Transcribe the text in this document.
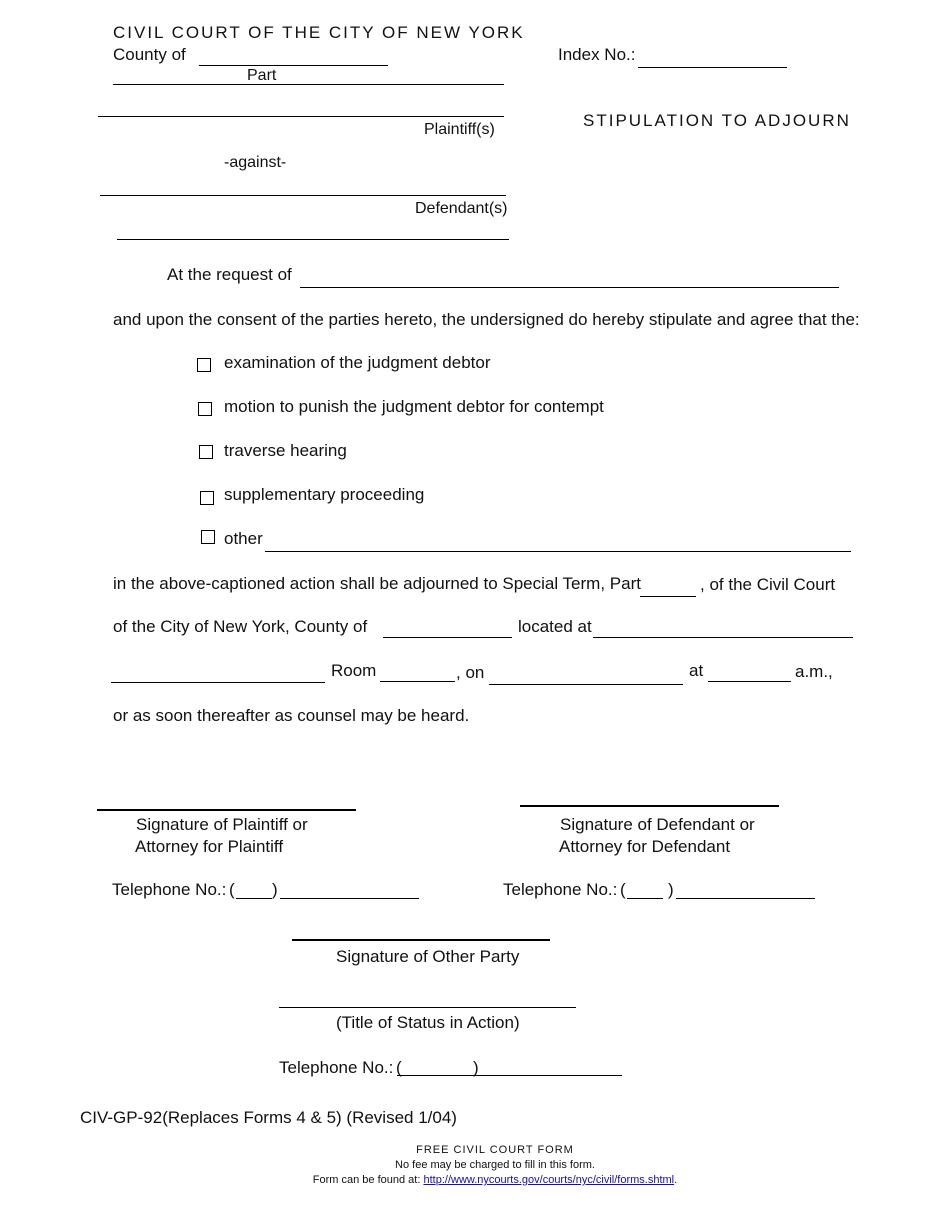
CIVIL COURT OF THE CITY OF NEW YORK
County of
Part
Index No.:
Plaintiff(s)	STIPULATION TO ADJOURN
-against-
Defendant(s)
At the request of
and upon the consent of the parties hereto, the undersigned do hereby stipulate and agree that the:
examination of the judgment debtor
motion to punish the judgment debtor for contempt
traverse hearing
supplementary proceeding
other
in the above-captioned action shall be adjourned to Special Term, Part	, of the Civil Court
of the City of New York, County of	located at
Room	, on	at	a.m.,
or as soon thereafter as counsel may be heard.
Signature of Plaintiff or
Attorney for Plaintiff
Signature of Defendant or
Attorney for Defendant
Telephone No.: ( )	Telephone No.: ( )
Signature of Other Party
(Title of Status in Action)
Telephone No.: (	)
CIV-GP-92(Replaces Forms 4 & 5) (Revised 1/04)
FREE CIVIL COURT FORM
No fee may be charged to fill in this form.
Form can be found at: http://www.nycourts.gov/courts/nyc/civil/forms.shtml.
